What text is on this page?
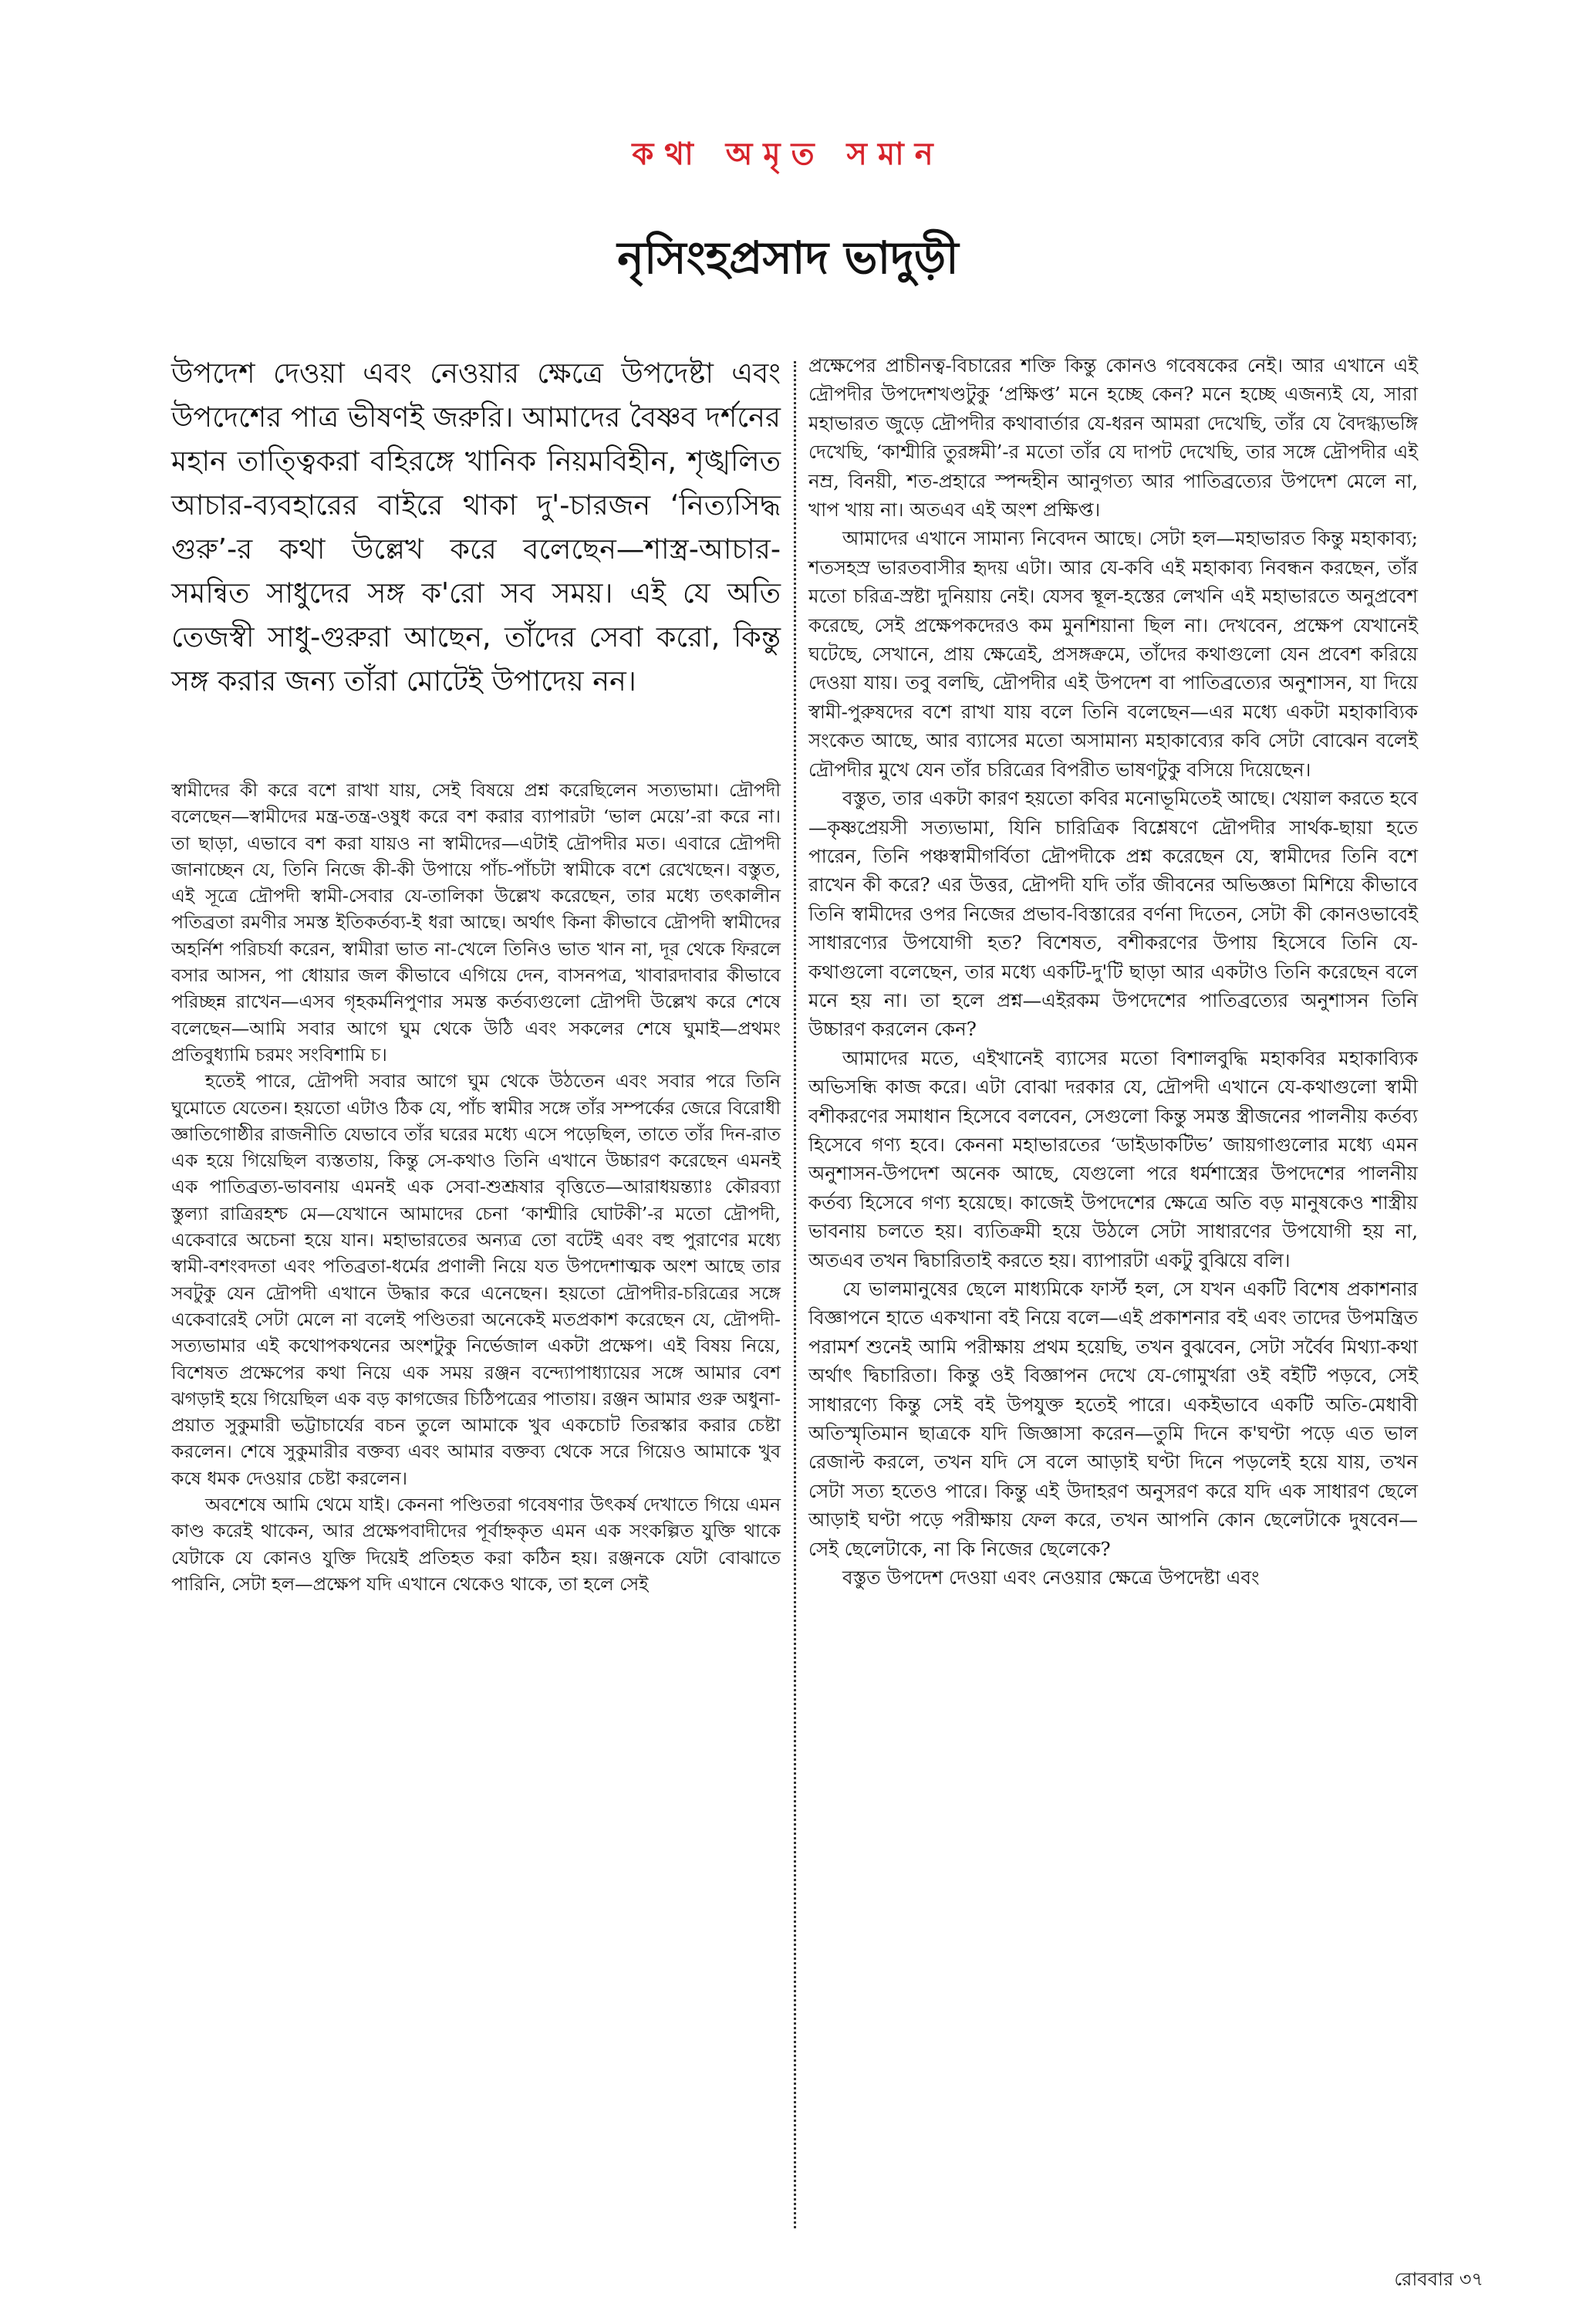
কথা অমৃত সমান
নৃসিংহপ্রসাদ ভাদুড়ী

উপদেশ দেওয়া এবং নেওয়ার ক্ষেত্রে উপদেষ্টা এবং উপদেশের পাত্র ভীষণই জরুরি। আমাদের বৈষ্ণব দর্শনের মহান তাত্ত্বিকরা বহিরঙ্গে খানিক নিয়মবিহীন, শৃঙ্খলিত আচার-ব্যবহারের বাইরে থাকা দু'-চারজন ‘নিত্যসিদ্ধ গুরু’-র কথা উল্লেখ করে বলেছেন—শাস্ত্র-আচার-সমন্বিত সাধুদের সঙ্গ ক'রো সব সময়। এই যে অতি তেজস্বী সাধু-গুরুরা আছেন, তাঁদের সেবা করো, কিন্তু সঙ্গ করার জন্য তাঁরা মোটেই উপাদেয় নন।

স্বামীদের কী করে বশে রাখা যায়, সেই বিষয়ে প্রশ্ন করেছিলেন সত্যভামা। দ্রৌপদী বলেছেন—স্বামীদের মন্ত্র-তন্ত্র-ওষুধ করে বশ করার ব্যাপারটা ‘ভাল মেয়ে’-রা করে না। তা ছাড়া, এভাবে বশ করা যায়ও না স্বামীদের—এটাই দ্রৌপদীর মত। এবারে দ্রৌপদী জানাচ্ছেন যে, তিনি নিজে কী-কী উপায়ে পাঁচ-পাঁচটা স্বামীকে বশে রেখেছেন। বস্তুত, এই সূত্রে দ্রৌপদী স্বামী-সেবার যে-তালিকা উল্লেখ করেছেন, তার মধ্যে তৎকালীন পতিব্রতা রমণীর সমস্ত ইতিকর্তব্য-ই ধরা আছে। অর্থাৎ কিনা কীভাবে দ্রৌপদী স্বামীদের অহর্নিশ পরিচর্যা করেন, স্বামীরা ভাত না-খেলে তিনিও ভাত খান না, দূর থেকে ফিরলে বসার আসন, পা ধোয়ার জল কীভাবে এগিয়ে দেন, বাসনপত্র, খাবারদাবার কীভাবে পরিচ্ছন্ন রাখেন—এসব গৃহকর্মনিপুণার সমস্ত কর্তব্যগুলো দ্রৌপদী উল্লেখ করে শেষে বলেছেন—আমি সবার আগে ঘুম থেকে উঠি এবং সকলের শেষে ঘুমাই—প্রথমং প্রতিবুধ্যামি চরমং সংবিশামি চ।

হতেই পারে, দ্রৌপদী সবার আগে ঘুম থেকে উঠতেন এবং সবার পরে তিনি ঘুমোতে যেতেন। হয়তো এটাও ঠিক যে, পাঁচ স্বামীর সঙ্গে তাঁর সম্পর্কের জেরে বিরোধী জ্ঞাতিগোষ্ঠীর রাজনীতি যেভাবে তাঁর ঘরের মধ্যে এসে পড়েছিল, তাতে তাঁর দিন-রাত এক হয়ে গিয়েছিল ব্যস্ততায়, কিন্তু সে-কথাও তিনি এখানে উচ্চারণ করেছেন এমনই এক পাতিব্রত্য-ভাবনায় এমনই এক সেবা-শুশ্রূষার বৃত্তিতে—আরাধয়ন্ত্যাঃ কৌরব্যা স্তুল্যা রাত্রিরহশ্চ মে—যেখানে আমাদের চেনা ‘কাশ্মীরি ঘোটকী’-র মতো দ্রৌপদী, একেবারে অচেনা হয়ে যান। মহাভারতের অন্যত্র তো বটেই এবং বহু পুরাণের মধ্যে স্বামী-বশংবদতা এবং পতিব্রতা-ধর্মের প্রণালী নিয়ে যত উপদেশাত্মক অংশ আছে তার সবটুকু যেন দ্রৌপদী এখানে উদ্ধার করে এনেছেন। হয়তো দ্রৌপদীর-চরিত্রের সঙ্গে একেবারেই সেটা মেলে না বলেই পণ্ডিতরা অনেকেই মতপ্রকাশ করেছেন যে, দ্রৌপদী-সত্যভামার এই কথোপকথনের অংশটুকু নির্ভেজাল একটা প্রক্ষেপ। এই বিষয় নিয়ে, বিশেষত প্রক্ষেপের কথা নিয়ে এক সময় রঞ্জন বন্দ্যোপাধ্যায়ের সঙ্গে আমার বেশ ঝগড়াই হয়ে গিয়েছিল এক বড় কাগজের চিঠিপত্রের পাতায়। রঞ্জন আমার গুরু অধুনা-প্রয়াত সুকুমারী ভট্টাচার্যের বচন তুলে আমাকে খুব একচোট তিরস্কার করার চেষ্টা করলেন। শেষে সুকুমারীর বক্তব্য এবং আমার বক্তব্য থেকে সরে গিয়েও আমাকে খুব কষে ধমক দেওয়ার চেষ্টা করলেন।

অবশেষে আমি থেমে যাই। কেননা পণ্ডিতরা গবেষণার উৎকর্ষ দেখাতে গিয়ে এমন কাণ্ড করেই থাকেন, আর প্রক্ষেপবাদীদের পূর্বাহ্নকৃত এমন এক সংকল্পিত যুক্তি থাকে যেটাকে যে কোনও যুক্তি দিয়েই প্রতিহত করা কঠিন হয়। রঞ্জনকে যেটা বোঝাতে পারিনি, সেটা হল—প্রক্ষেপ যদি এখানে থেকেও থাকে, তা হলে সেই

প্রক্ষেপের প্রাচীনত্ব-বিচারের শক্তি কিন্তু কোনও গবেষকের নেই। আর এখানে এই দ্রৌপদীর উপদেশখণ্ডটুকু ‘প্রক্ষিপ্ত’ মনে হচ্ছে কেন? মনে হচ্ছে এজন্যই যে, সারা মহাভারত জুড়ে দ্রৌপদীর কথাবার্তার যে-ধরন আমরা দেখেছি, তাঁর যে বৈদগ্ধ্যভঙ্গি দেখেছি, ‘কাশ্মীরি তুরঙ্গমী’-র মতো তাঁর যে দাপট দেখেছি, তার সঙ্গে দ্রৌপদীর এই নম্র, বিনয়ী, শত-প্রহারে স্পন্দহীন আনুগত্য আর পাতিব্রত্যের উপদেশ মেলে না, খাপ খায় না। অতএব এই অংশ প্রক্ষিপ্ত।

আমাদের এখানে সামান্য নিবেদন আছে। সেটা হল—মহাভারত কিন্তু মহাকাব্য; শতসহস্র ভারতবাসীর হৃদয় এটা। আর যে-কবি এই মহাকাব্য নিবন্ধন করছেন, তাঁর মতো চরিত্র-স্রষ্টা দুনিয়ায় নেই। যেসব স্থূল-হস্তের লেখনি এই মহাভারতে অনুপ্রবেশ করেছে, সেই প্রক্ষেপকদেরও কম মুনশিয়ানা ছিল না। দেখবেন, প্রক্ষেপ যেখানেই ঘটেছে, সেখানে, প্রায় ক্ষেত্রেই, প্রসঙ্গক্রমে, তাঁদের কথাগুলো যেন প্রবেশ করিয়ে দেওয়া যায়। তবু বলছি, দ্রৌপদীর এই উপদেশ বা পাতিব্রত্যের অনুশাসন, যা দিয়ে স্বামী-পুরুষদের বশে রাখা যায় বলে তিনি বলেছেন—এর মধ্যে একটা মহাকাব্যিক সংকেত আছে, আর ব্যাসের মতো অসামান্য মহাকাব্যের কবি সেটা বোঝেন বলেই দ্রৌপদীর মুখে যেন তাঁর চরিত্রের বিপরীত ভাষণটুকু বসিয়ে দিয়েছেন।

বস্তুত, তার একটা কারণ হয়তো কবির মনোভূমিতেই আছে। খেয়াল করতে হবে—কৃষ্ণপ্রেয়সী সত্যভামা, যিনি চারিত্রিক বিশ্লেষণে দ্রৌপদীর সার্থক-ছায়া হতে পারেন, তিনি পঞ্চস্বামীগর্বিতা দ্রৌপদীকে প্রশ্ন করেছেন যে, স্বামীদের তিনি বশে রাখেন কী করে? এর উত্তর, দ্রৌপদী যদি তাঁর জীবনের অভিজ্ঞতা মিশিয়ে কীভাবে তিনি স্বামীদের ওপর নিজের প্রভাব-বিস্তারের বর্ণনা দিতেন, সেটা কী কোনওভাবেই সাধারণ্যের উপযোগী হত? বিশেষত, বশীকরণের উপায় হিসেবে তিনি যে-কথাগুলো বলেছেন, তার মধ্যে একটি-দু'টি ছাড়া আর একটাও তিনি করেছেন বলে মনে হয় না। তা হলে প্রশ্ন—এইরকম উপদেশের পাতিব্রত্যের অনুশাসন তিনি উচ্চারণ করলেন কেন?

আমাদের মতে, এইখানেই ব্যাসের মতো বিশালবুদ্ধি মহাকবির মহাকাব্যিক অভিসন্ধি কাজ করে। এটা বোঝা দরকার যে, দ্রৌপদী এখানে যে-কথাগুলো স্বামী বশীকরণের সমাধান হিসেবে বলবেন, সেগুলো কিন্তু সমস্ত স্ত্রীজনের পালনীয় কর্তব্য হিসেবে গণ্য হবে। কেননা মহাভারতের ‘ডাইডাকটিভ’ জায়গাগুলোর মধ্যে এমন অনুশাসন-উপদেশ অনেক আছে, যেগুলো পরে ধর্মশাস্ত্রের উপদেশের পালনীয় কর্তব্য হিসেবে গণ্য হয়েছে। কাজেই উপদেশের ক্ষেত্রে অতি বড় মানুষকেও শাস্ত্রীয় ভাবনায় চলতে হয়। ব্যতিক্রমী হয়ে উঠলে সেটা সাধারণের উপযোগী হয় না, অতএব তখন দ্বিচারিতাই করতে হয়। ব্যাপারটা একটু বুঝিয়ে বলি।

যে ভালমানুষের ছেলে মাধ্যমিকে ফার্স্ট হল, সে যখন একটি বিশেষ প্রকাশনার বিজ্ঞাপনে হাতে একখানা বই নিয়ে বলে—এই প্রকাশনার বই এবং তাদের উপমন্ত্রিত পরামর্শ শুনেই আমি পরীক্ষায় প্রথম হয়েছি, তখন বুঝবেন, সেটা সর্বৈব মিথ্যা-কথা অর্থাৎ দ্বিচারিতা। কিন্তু ওই বিজ্ঞাপন দেখে যে-গোমুর্খরা ওই বইটি পড়বে, সেই সাধারণ্যে কিন্তু সেই বই উপযুক্ত হতেই পারে। একইভাবে একটি অতি-মেধাবী অতিস্মৃতিমান ছাত্রকে যদি জিজ্ঞাসা করেন—তুমি দিনে ক'ঘণ্টা পড়ে এত ভাল রেজাল্ট করলে, তখন যদি সে বলে আড়াই ঘণ্টা দিনে পড়লেই হয়ে যায়, তখন সেটা সত্য হতেও পারে। কিন্তু এই উদাহরণ অনুসরণ করে যদি এক সাধারণ ছেলে আড়াই ঘণ্টা পড়ে পরীক্ষায় ফেল করে, তখন আপনি কোন ছেলেটাকে দুষবেন—সেই ছেলেটাকে, না কি নিজের ছেলেকে?

বস্তুত উপদেশ দেওয়া এবং নেওয়ার ক্ষেত্রে উপদেষ্টা এবং

রোববার ৩৭
